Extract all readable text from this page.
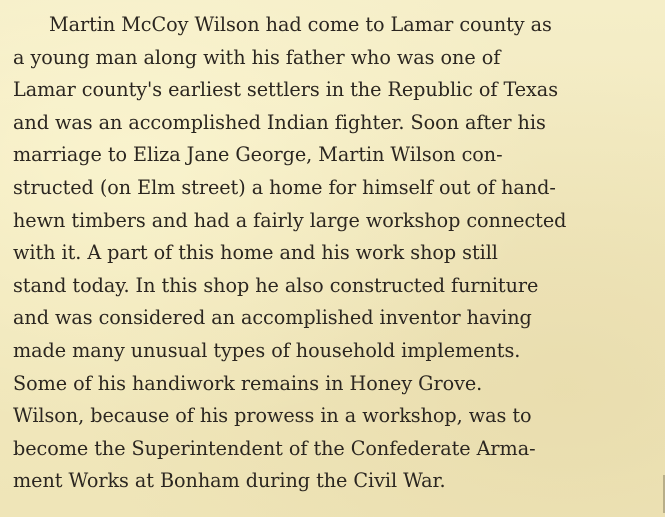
Martin McCoy Wilson had come to Lamar county as
a young man along with his father who was one of
Lamar county's earliest settlers in the Republic of Texas
and was an accomplished Indian fighter. Soon after his
marriage to Eliza Jane George, Martin Wilson con-
structed (on Elm street) a home for himself out of hand-
hewn timbers and had a fairly large workshop connected
with it. A part of this home and his work shop still
stand today. In this shop he also constructed furniture
and was considered an accomplished inventor having
made many unusual types of household implements.
Some of his handiwork remains in Honey Grove.
Wilson, because of his prowess in a workshop, was to
become the Superintendent of the Confederate Arma-
ment Works at Bonham during the Civil War.
